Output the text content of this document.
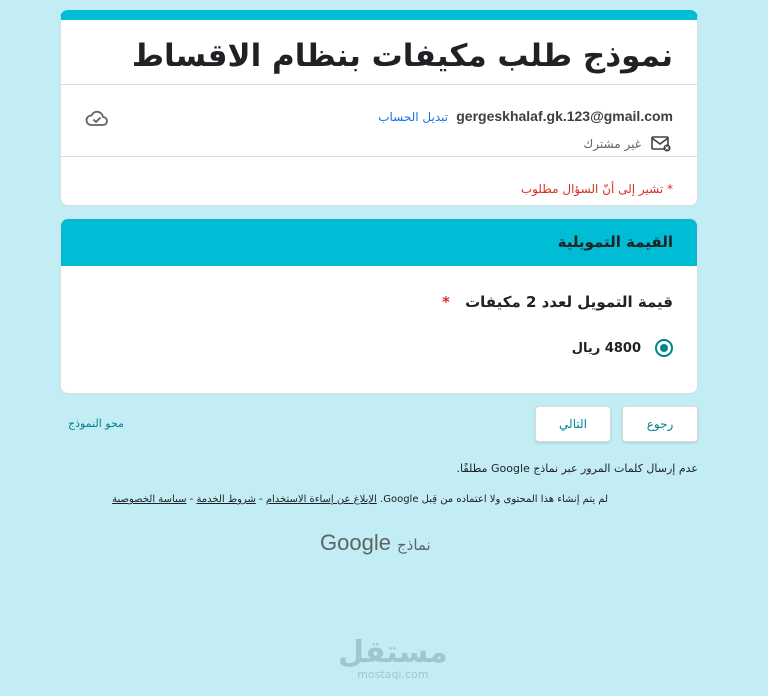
نموذج طلب مكيفات بنظام الاقساط
gergeskhalaf.gk.123@gmail.com تبديل الحساب
غير مشترك
* تشير إلى أنّ السؤال مطلوب
القيمة التمويلية
قيمة التمويل لعدد 2 مكيفات *
4800 ريال
رجوع
التالي
محو النموذج
عدم إرسال كلمات المرور عبر نماذج Google مطلقًا.
لم يتم إنشاء هذا المحتوى ولا اعتماده من قِبل Google. الإبلاغ عن إساءة الاستخدام - شروط الخدمة - سياسة الخصوصية
Google نماذج
مستقل
mostaqi.com
